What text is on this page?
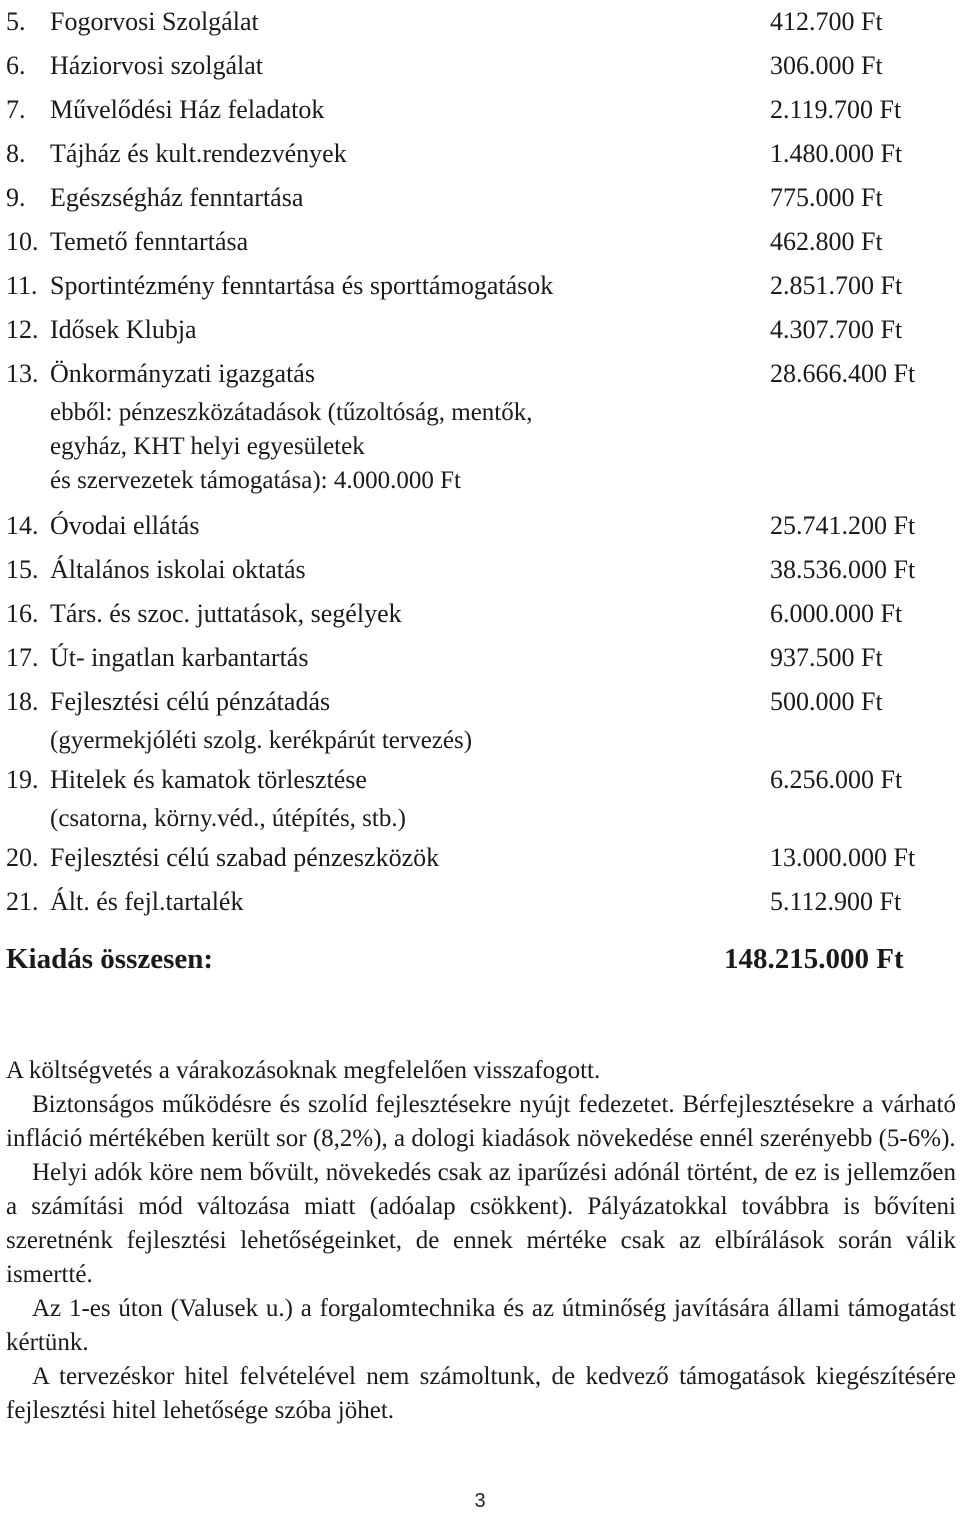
5. Fogorvosi Szolgálat	412.700 Ft
6. Háziorvosi szolgálat	306.000 Ft
7. Művelődési Ház feladatok	2.119.700 Ft
8. Tájház és kult.rendezvények	1.480.000 Ft
9. Egészségház fenntartása	775.000 Ft
10. Temető fenntartása	462.800 Ft
11. Sportintézmény fenntartása és sporttámogatások	2.851.700 Ft
12. Idősek Klubja	4.307.700 Ft
13. Önkormányzati igazgatás	28.666.400 Ft
ebből: pénzeszközátadások (tűzoltóság, mentők,
egyház, KHT helyi egyesületek
és szervezetek támogatása): 4.000.000 Ft
14. Óvodai ellátás	25.741.200 Ft
15. Általános iskolai oktatás	38.536.000 Ft
16. Társ. és szoc. juttatások, segélyek	6.000.000 Ft
17. Út- ingatlan karbantartás	937.500 Ft
18. Fejlesztési célú pénzátadás	500.000 Ft
(gyermekjóléti szolg. kerékpárút tervezés)
19. Hitelek és kamatok törlesztése	6.256.000 Ft
(csatorna, körny.véd., útépítés, stb.)
20. Fejlesztési célú szabad pénzeszközök	13.000.000 Ft
21. Ált. és fejl.tartalék	5.112.900 Ft
Kiadás összesen:	148.215.000 Ft

A költségvetés a várakozásoknak megfelelően visszafogott.

Biztonságos működésre és szolíd fejlesztésekre nyújt fedezetet. Bérfejlesztésekre a várható infláció mértékében került sor (8,2%), a dologi kiadások növekedése ennél szerényebb (5-6%).

Helyi adók köre nem bővült, növekedés csak az iparűzési adónál történt, de ez is jellemzően a számítási mód változása miatt (adóalap csökkent). Pályázatokkal továbbra is bővíteni szeretnénk fejlesztési lehetőségeinket, de ennek mértéke csak az elbírálások során válik ismertté.

Az 1-es úton (Valusek u.) a forgalomtechnika és az útminőség javítására állami támogatást kértünk.

A tervezéskor hitel felvételével nem számoltunk, de kedvező támogatások kiegészítésére fejlesztési hitel lehetősége szóba jöhet.

3
